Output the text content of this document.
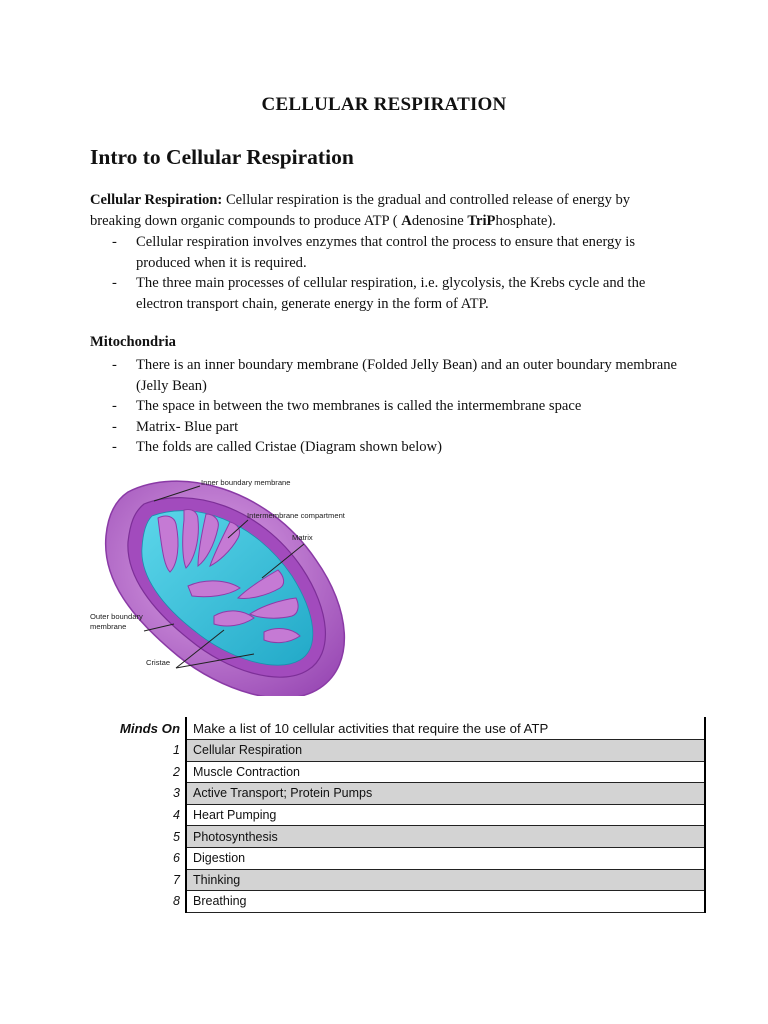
CELLULAR RESPIRATION
Intro to Cellular Respiration
Cellular Respiration: Cellular respiration is the gradual and controlled release of energy by breaking down organic compounds to produce ATP ( Adenosine TriPhosphate).
- Cellular respiration involves enzymes that control the process to ensure that energy is produced when it is required.
- The three main processes of cellular respiration, i.e. glycolysis, the Krebs cycle and the electron transport chain, generate energy in the form of ATP.
Mitochondria
- There is an inner boundary membrane (Folded Jelly Bean) and an outer boundary membrane (Jelly Bean)
- The space in between the two membranes is called the intermembrane space
- Matrix- Blue part
- The folds are called Cristae (Diagram shown below)
Inner boundary membrane
Intermembrane compartment
Matrix
Outer boundary
membrane
Cristae
Minds On	Make a list of 10 cellular activities that require the use of ATP
1	Cellular Respiration
2	Muscle Contraction
3	Active Transport; Protein Pumps
4	Heart Pumping
5	Photosynthesis
6	Digestion
7	Thinking
8	Breathing
